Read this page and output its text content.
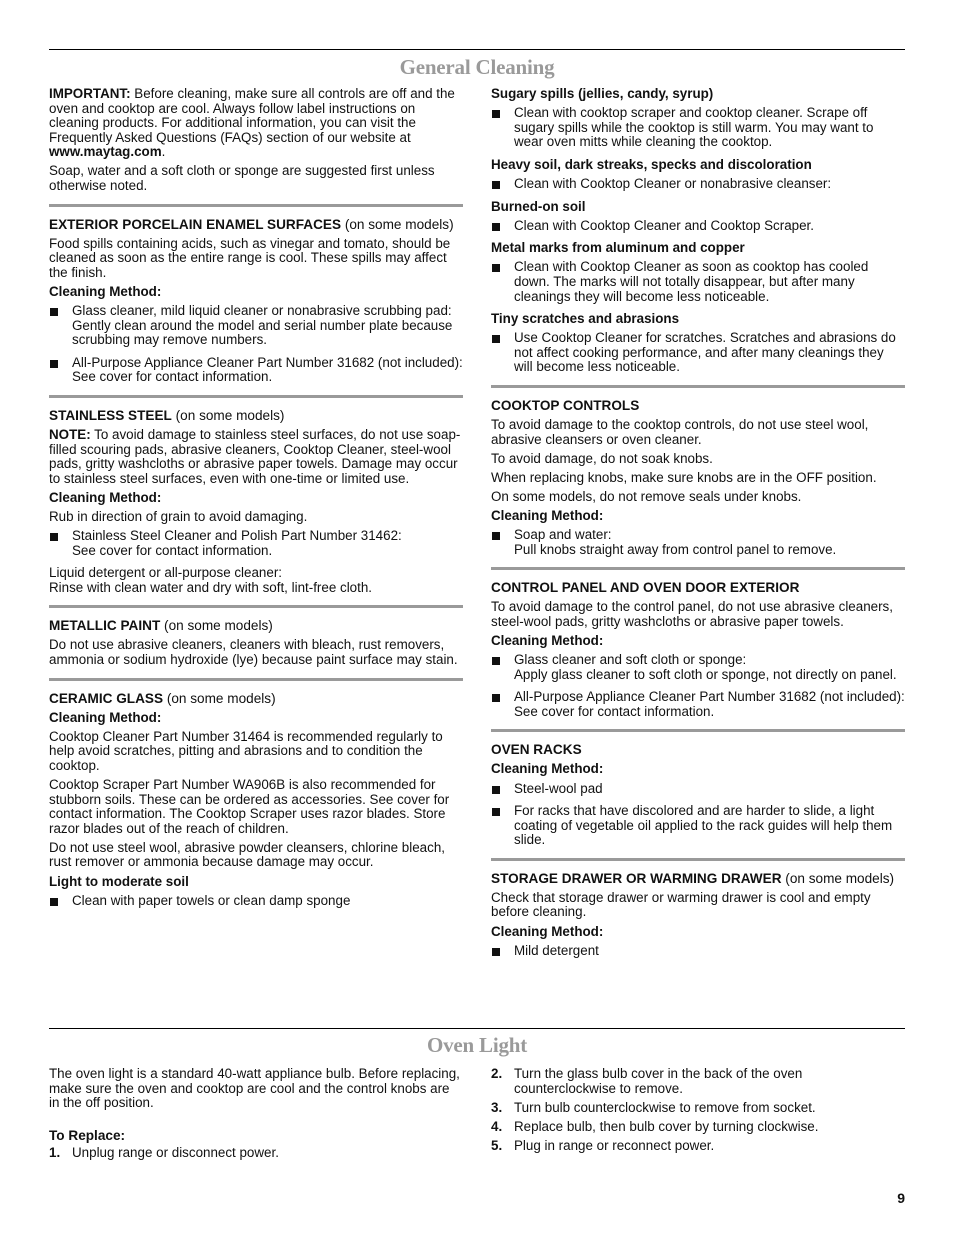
General Cleaning

IMPORTANT: Before cleaning, make sure all controls are off and the oven and cooktop are cool. Always follow label instructions on cleaning products. For additional information, you can visit the Frequently Asked Questions (FAQs) section of our website at www.maytag.com.

Soap, water and a soft cloth or sponge are suggested first unless otherwise noted.

EXTERIOR PORCELAIN ENAMEL SURFACES (on some models)

Food spills containing acids, such as vinegar and tomato, should be cleaned as soon as the entire range is cool. These spills may affect the finish.

Cleaning Method:

Glass cleaner, mild liquid cleaner or nonabrasive scrubbing pad:
Gently clean around the model and serial number plate because scrubbing may remove numbers.
All-Purpose Appliance Cleaner Part Number 31682 (not included):
See cover for contact information.
STAINLESS STEEL (on some models)

NOTE: To avoid damage to stainless steel surfaces, do not use soap-filled scouring pads, abrasive cleaners, Cooktop Cleaner, steel-wool pads, gritty washcloths or abrasive paper towels. Damage may occur to stainless steel surfaces, even with one-time or limited use.

Cleaning Method:

Rub in direction of grain to avoid damaging.

Stainless Steel Cleaner and Polish Part Number 31462:
See cover for contact information.

Liquid detergent or all-purpose cleaner:
Rinse with clean water and dry with soft, lint-free cloth.

METALLIC PAINT (on some models)

Do not use abrasive cleaners, cleaners with bleach, rust removers, ammonia or sodium hydroxide (lye) because paint surface may stain.

CERAMIC GLASS (on some models)

Cleaning Method:

Cooktop Cleaner Part Number 31464 is recommended regularly to help avoid scratches, pitting and abrasions and to condition the cooktop.

Cooktop Scraper Part Number WA906B is also recommended for stubborn soils. These can be ordered as accessories. See cover for contact information. The Cooktop Scraper uses razor blades. Store razor blades out of the reach of children.

Do not use steel wool, abrasive powder cleansers, chlorine bleach, rust remover or ammonia because damage may occur.

Light to moderate soil

Clean with paper towels or clean damp sponge

Sugary spills (jellies, candy, syrup)

Clean with cooktop scraper and cooktop cleaner. Scrape off sugary spills while the cooktop is still warm. You may want to wear oven mitts while cleaning the cooktop.

Heavy soil, dark streaks, specks and discoloration

Clean with Cooktop Cleaner or nonabrasive cleanser:

Burned-on soil

Clean with Cooktop Cleaner and Cooktop Scraper.

Metal marks from aluminum and copper

Clean with Cooktop Cleaner as soon as cooktop has cooled down. The marks will not totally disappear, but after many cleanings they will become less noticeable.

Tiny scratches and abrasions

Use Cooktop Cleaner for scratches. Scratches and abrasions do not affect cooking performance, and after many cleanings they will become less noticeable.
COOKTOP CONTROLS

To avoid damage to the cooktop controls, do not use steel wool, abrasive cleansers or oven cleaner.

To avoid damage, do not soak knobs.

When replacing knobs, make sure knobs are in the OFF position.

On some models, do not remove seals under knobs.

Cleaning Method:

Soap and water:
Pull knobs straight away from control panel to remove.
CONTROL PANEL AND OVEN DOOR EXTERIOR

To avoid damage to the control panel, do not use abrasive cleaners, steel-wool pads, gritty washcloths or abrasive paper towels.

Cleaning Method:

Glass cleaner and soft cloth or sponge:
Apply glass cleaner to soft cloth or sponge, not directly on panel.
All-Purpose Appliance Cleaner Part Number 31682 (not included):
See cover for contact information.
OVEN RACKS

Cleaning Method:

Steel-wool pad
For racks that have discolored and are harder to slide, a light coating of vegetable oil applied to the rack guides will help them slide.
STORAGE DRAWER OR WARMING DRAWER (on some models)

Check that storage drawer or warming drawer is cool and empty before cleaning.

Cleaning Method:

Mild detergent
Oven Light

The oven light is a standard 40-watt appliance bulb. Before replacing, make sure the oven and cooktop are cool and the control knobs are in the off position.

To Replace:
1. Unplug range or disconnect power.
2. Turn the glass bulb cover in the back of the oven counterclockwise to remove.
3. Turn bulb counterclockwise to remove from socket.
4. Replace bulb, then bulb cover by turning clockwise.
5. Plug in range or reconnect power.
9
